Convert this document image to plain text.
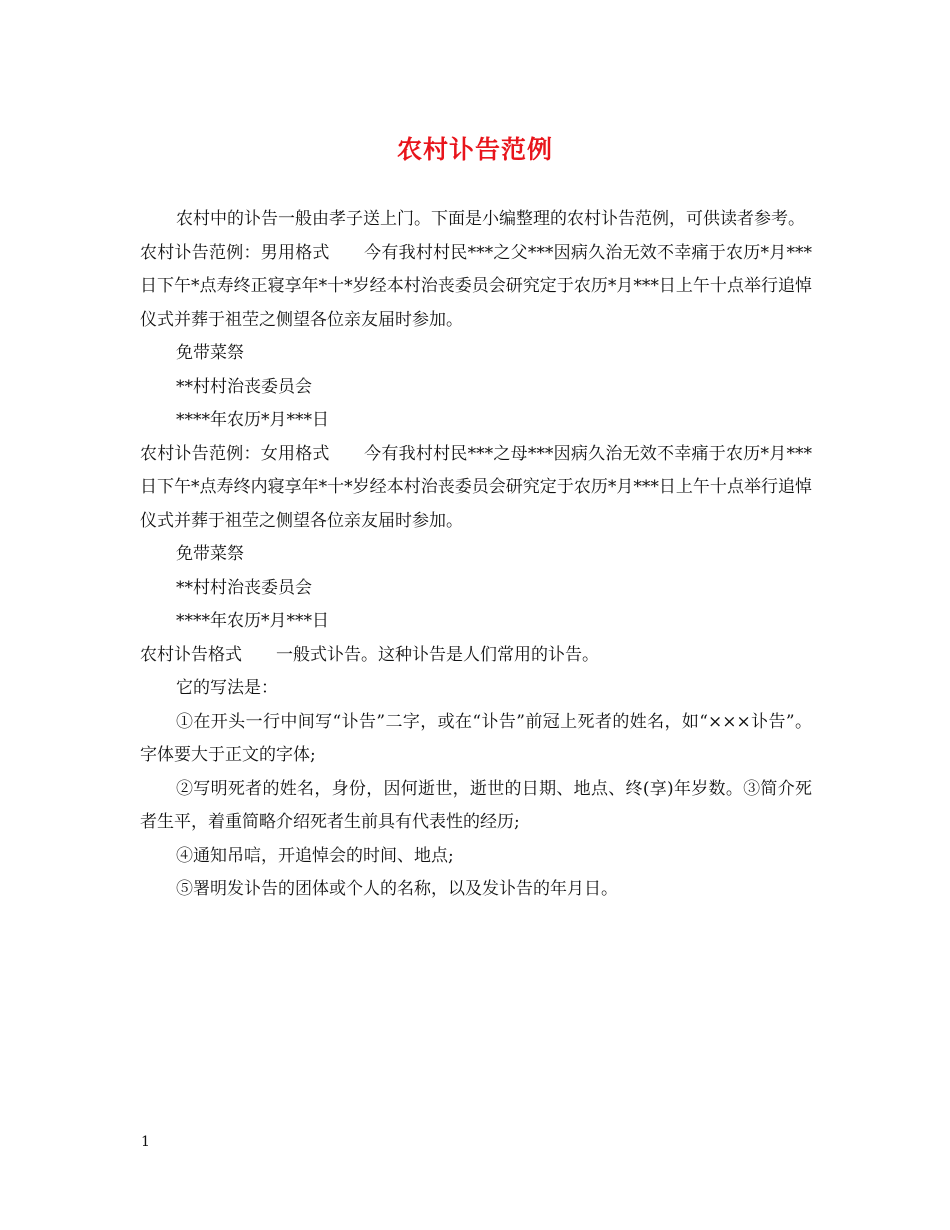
农村讣告范例

农村中的讣告一般由孝子送上门。下面是小编整理的农村讣告范例，可供读者参考。

农村讣告范例：男用格式　　今有我村村民***之父***因病久治无效不幸痛于农历*月***日下午*点寿终正寝享年*十*岁经本村治丧委员会研究定于农历*月***日上午十点举行追悼仪式并葬于祖茔之侧望各位亲友届时参加。

免带菜祭

**村村治丧委员会

****年农历*月***日

农村讣告范例：女用格式　　今有我村村民***之母***因病久治无效不幸痛于农历*月***日下午*点寿终内寝享年*十*岁经本村治丧委员会研究定于农历*月***日上午十点举行追悼仪式并葬于祖茔之侧望各位亲友届时参加。

免带菜祭

**村村治丧委员会

****年农历*月***日

农村讣告格式　　一般式讣告。这种讣告是人们常用的讣告。

它的写法是：

①在开头一行中间写“讣告”二字，或在“讣告”前冠上死者的姓名，如“×××讣告”。字体要大于正文的字体;

②写明死者的姓名，身份，因何逝世，逝世的日期、地点、终(享)年岁数。③简介死者生平，着重简略介绍死者生前具有代表性的经历;

④通知吊唁，开追悼会的时间、地点;

⑤署明发讣告的团体或个人的名称，以及发讣告的年月日。

1
